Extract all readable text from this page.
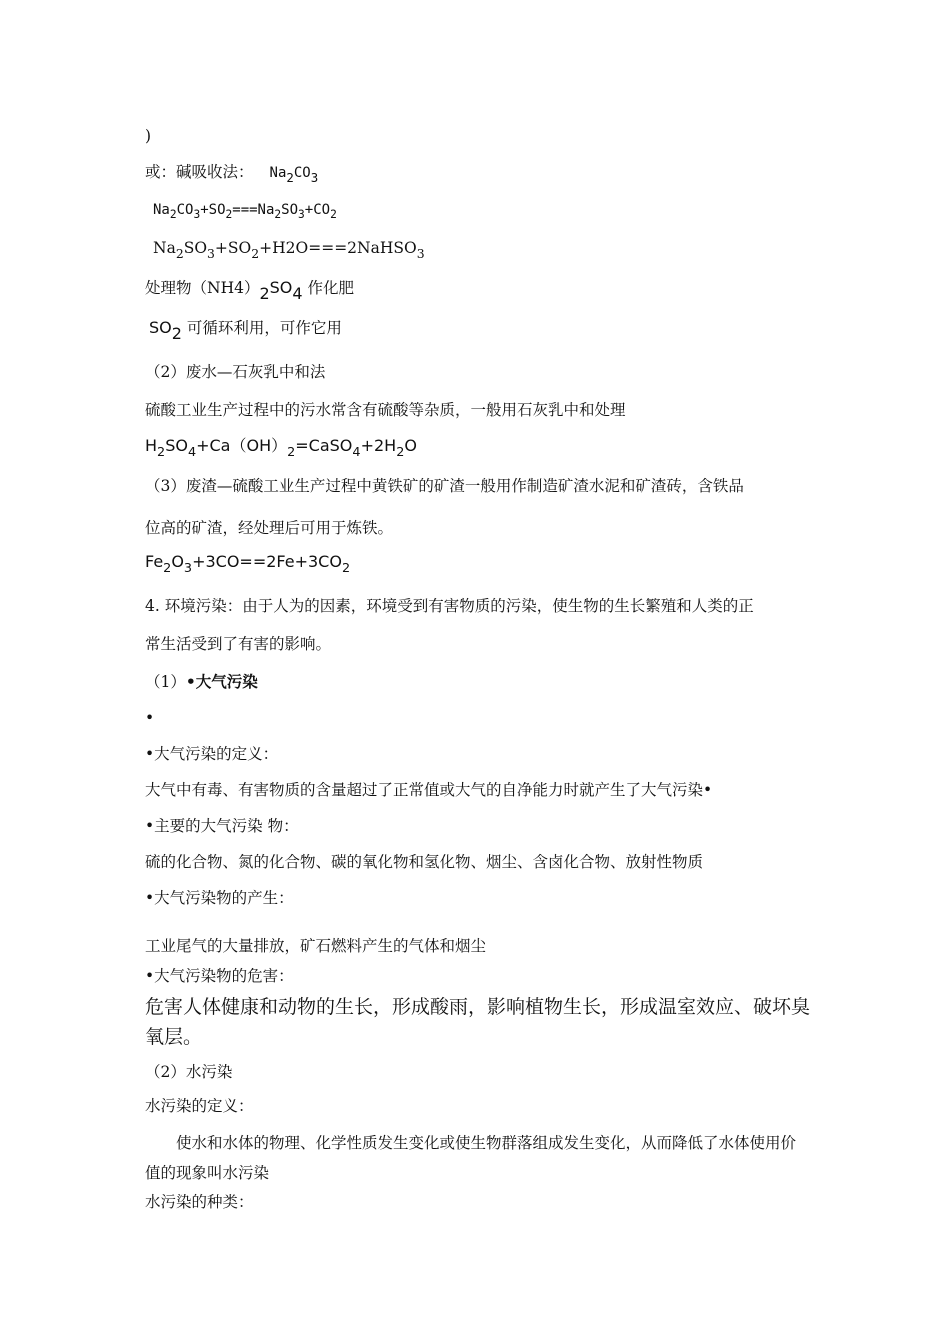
)
或：碱吸收法： $Na_2CO_3$
$Na_2CO_3+SO_2===Na_2SO_3+CO_2$
$Na_2SO_3+SO_2+H2O===2NaHSO_3$
处理物（NH4）2SO4 作化肥
SO2 可循环利用，可作它用
（2）废水—石灰乳中和法
硫酸工业生产过程中的污水常含有硫酸等杂质，一般用石灰乳中和处理
$H_2SO_4+Ca(OH)_2=CaSO_4+2H_2O$
（3）废渣—硫酸工业生产过程中黄铁矿的矿渣一般用作制造矿渣水泥和矿渣砖，含铁品
位高的矿渣，经处理后可用于炼铁。
$Fe_2O_3+3CO==2Fe+3CO_2$
4. 环境污染：由于人为的因素，环境受到有害物质的污染，使生物的生长繁殖和人类的正
常生活受到了有害的影响。
（1）•大气污染
•
•大气污染的定义：
大气中有毒、有害物质的含量超过了正常值或大气的自净能力时就产生了大气污染•
•主要的大气污染 物：
硫的化合物、氮的化合物、碳的氧化物和氢化物、烟尘、含卤化合物、放射性物质
•大气污染物的产生：
工业尾气的大量排放，矿石燃料产生的气体和烟尘
•大气污染物的危害：
危害人体健康和动物的生长，形成酸雨，影响植物生长，形成温室效应、破坏臭氧层。
（2）水污染
水污染的定义：
　　使水和水体的物理、化学性质发生变化或使生物群落组成发生变化，从而降低了水体使用价值的现象叫水污染
水污染的种类：
